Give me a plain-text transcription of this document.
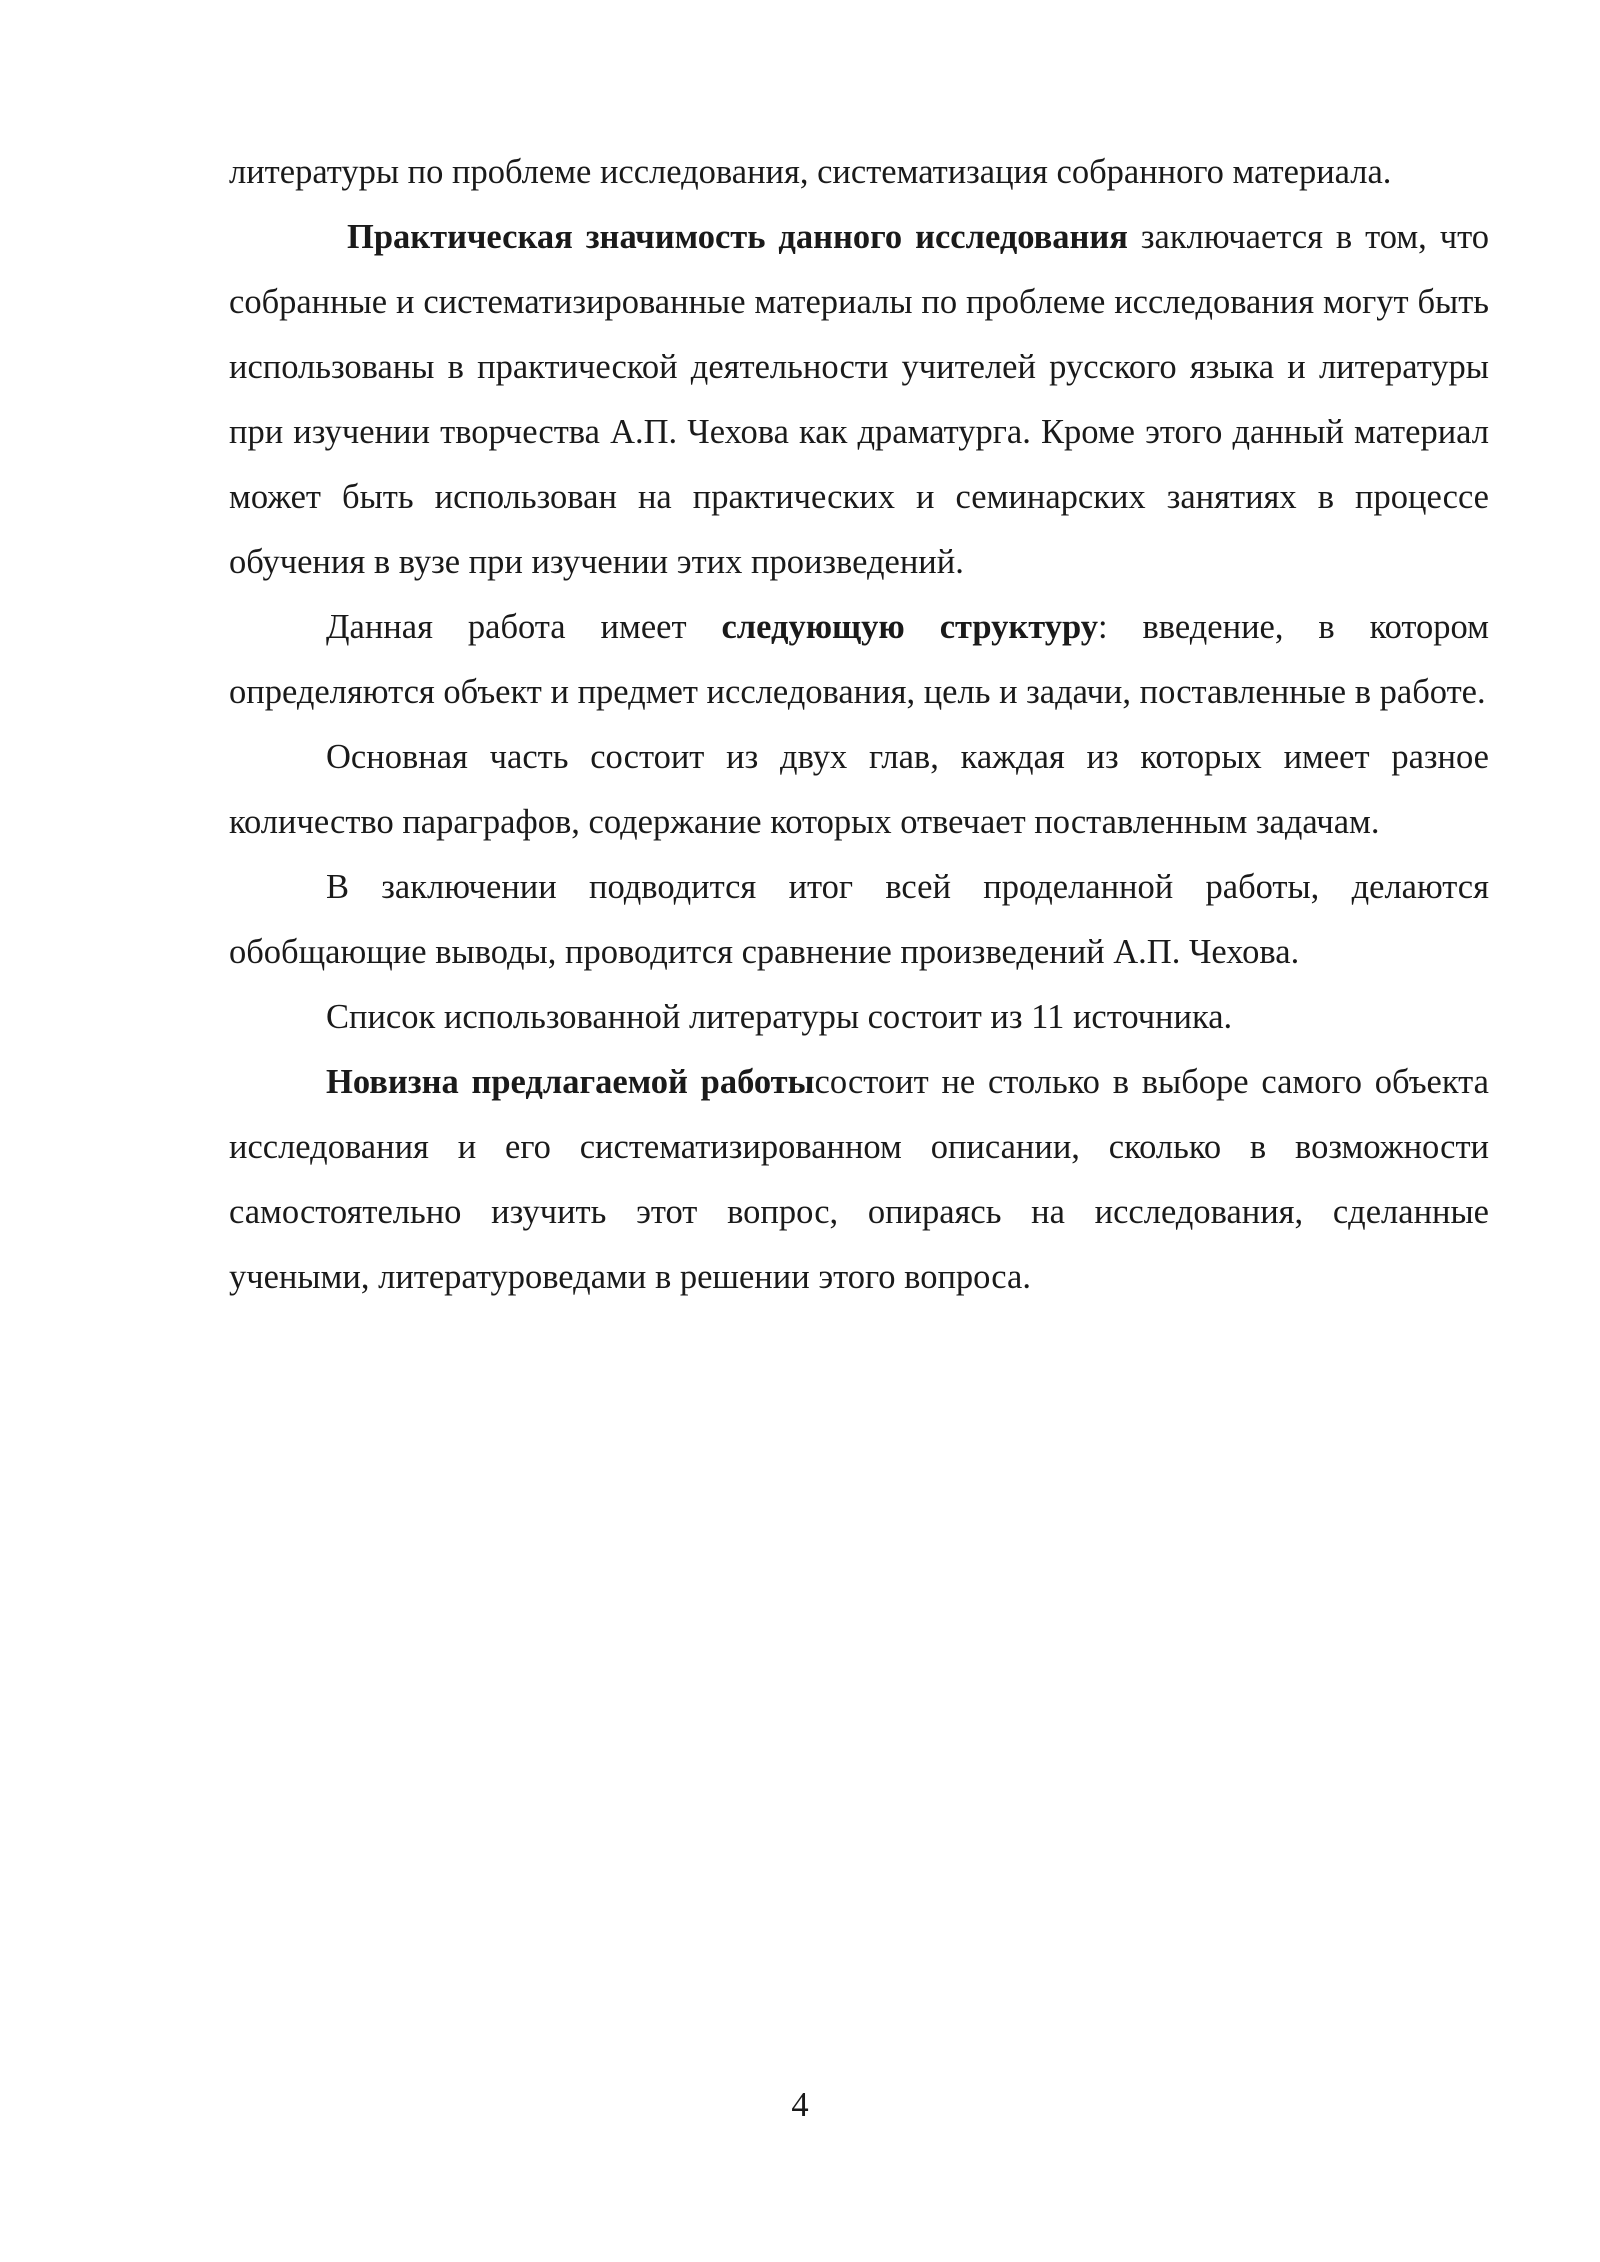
литературы по проблеме исследования, систематизация собранного материала.

Практическая значимость данного исследования заключается в том, что собранные и систематизированные материалы по проблеме исследования могут быть использованы в практической деятельности учителей русского языка и литературы при изучении творчества А.П. Чехова как драматурга. Кроме этого данный материал может быть использован на практических и семинарских занятиях в процессе обучения в вузе при изучении этих произведений.

Данная работа имеет следующую структуру: введение, в котором определяются объект и предмет исследования, цель и задачи, поставленные в работе.

Основная часть состоит из двух глав, каждая из которых имеет разное количество параграфов, содержание которых отвечает поставленным задачам.

В заключении подводится итог всей проделанной работы, делаются обобщающие выводы, проводится сравнение произведений А.П. Чехова.

Список использованной литературы состоит из 11 источника.

Новизна предлагаемой работысостоит не столько в выборе самого объекта исследования и его систематизированном описании, сколько в возможности самостоятельно изучить этот вопрос, опираясь на исследования, сделанные учеными, литературоведами в решении этого вопроса.

4
